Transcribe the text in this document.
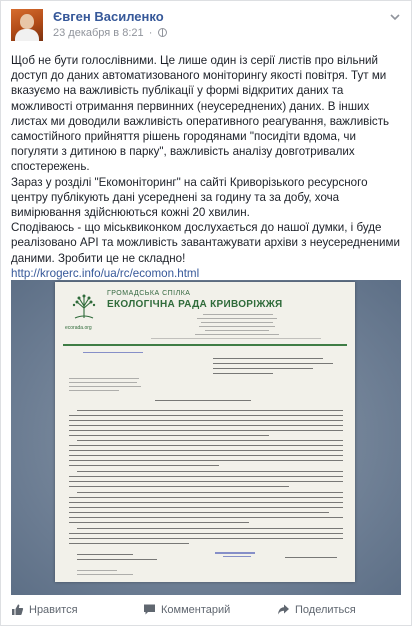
Євген Василенко
23 декабря в 8:21 ·

Щоб не бути голослівними. Це лише один із серії листів про вільний доступ до даних автоматизованого моніторингу якості повітря. Тут ми вказуємо на важливість публікації у формі відкритих даних та можливості отримання первинних (неусереднених) даних. В інших листах ми доводили важливість оперативного реагування, важливість самостійного прийняття рішень городянами "посидіти вдома, чи погуляти з дитиною в парку", важливість аналізу довготривалих спостережень.

Зараз у розділі "Екомоніторинг" на сайті Криворізького ресурсного центру публікують дані усереднені за годину та за добу, хоча вимірювання здійснюються кожні 20 хвилин.

Сподіваюсь - що міськвиконком дослухається до нашої думки, і буде реалізовано АРІ та можливість завантажувати архіви з неусередненими даними. Зробити це не складно!

http://krogerc.info/ua/rc/ecomon.html

ecorada.org
ГРОМАДСЬКА СПІЛКА
ЕКОЛОГІЧНА РАДА КРИВОРІЖЖЯ
Нравится	Комментарий	Поделиться
